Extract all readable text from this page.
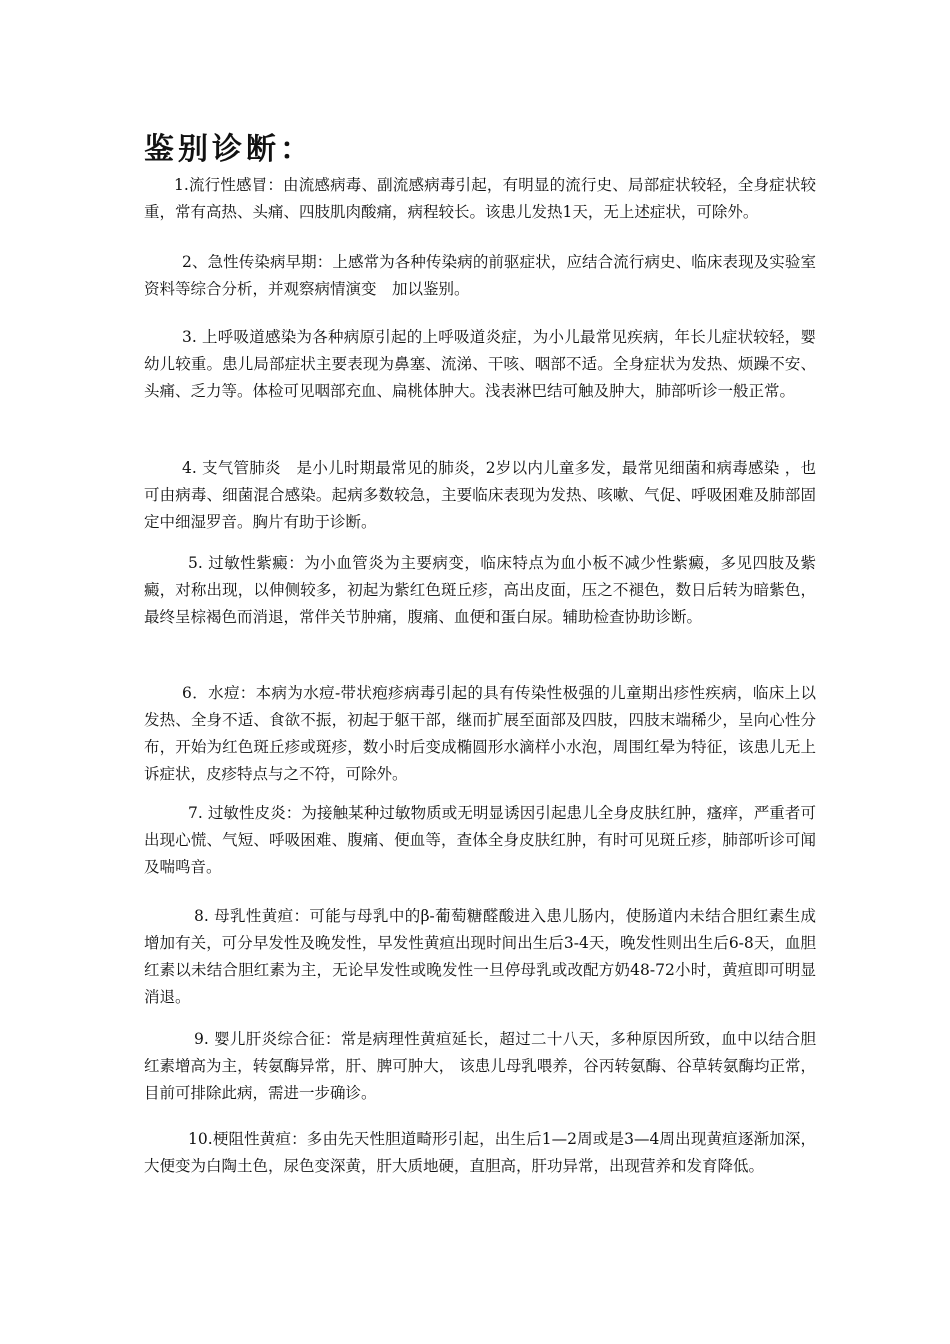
鉴别诊断：

1.流行性感冒：由流感病毒、副流感病毒引起，有明显的流行史、局部症状较轻，全身症状较重，常有高热、头痛、四肢肌肉酸痛，病程较长。该患儿发热1天，无上述症状，可除外。

2、急性传染病早期：上感常为各种传染病的前驱症状，应结合流行病史、临床表现及实验室资料等综合分析，并观察病情演变　加以鉴别。

3. 上呼吸道感染为各种病原引起的上呼吸道炎症，为小儿最常见疾病，年长儿症状较轻，婴幼儿较重。患儿局部症状主要表现为鼻塞、流涕、干咳、咽部不适。全身症状为发热、烦躁不安、头痛、乏力等。体检可见咽部充血、扁桃体肿大。浅表淋巴结可触及肿大，肺部听诊一般正常。

4. 支气管肺炎　是小儿时期最常见的肺炎，2岁以内儿童多发，最常见细菌和病毒感染 ，也可由病毒、细菌混合感染。起病多数较急，主要临床表现为发热、咳嗽、气促、呼吸困难及肺部固定中细湿罗音。胸片有助于诊断。

5. 过敏性紫癜：为小血管炎为主要病变，临床特点为血小板不减少性紫癜，多见四肢及紫癜，对称出现，以伸侧较多，初起为紫红色斑丘疹，高出皮面，压之不褪色，数日后转为暗紫色，最终呈棕褐色而消退，常伴关节肿痛，腹痛、血便和蛋白尿。辅助检查协助诊断。

6．水痘：本病为水痘-带状疱疹病毒引起的具有传染性极强的儿童期出疹性疾病，临床上以发热、全身不适、食欲不振，初起于躯干部，继而扩展至面部及四肢，四肢末端稀少，呈向心性分布，开始为红色斑丘疹或斑疹，数小时后变成椭圆形水滴样小水泡，周围红晕为特征，该患儿无上诉症状，皮疹特点与之不符，可除外。

7. 过敏性皮炎：为接触某种过敏物质或无明显诱因引起患儿全身皮肤红肿，瘙痒，严重者可出现心慌、气短、呼吸困难、腹痛、便血等，查体全身皮肤红肿，有时可见斑丘疹，肺部听诊可闻及喘鸣音。

8. 母乳性黄疸：可能与母乳中的β-葡萄糖醛酸进入患儿肠内，使肠道内未结合胆红素生成增加有关，可分早发性及晚发性，早发性黄疸出现时间出生后3-4天，晚发性则出生后6-8天，血胆红素以未结合胆红素为主，无论早发性或晚发性一旦停母乳或改配方奶48-72小时，黄疸即可明显消退。

9. 婴儿肝炎综合征：常是病理性黄疸延长，超过二十八天，多种原因所致，血中以结合胆红素增高为主，转氨酶异常，肝、脾可肿大， 该患儿母乳喂养，谷丙转氨酶、谷草转氨酶均正常，目前可排除此病，需进一步确诊。

10.梗阻性黄疸：多由先天性胆道畸形引起，出生后1—2周或是3—4周出现黄疸逐渐加深，大便变为白陶土色，尿色变深黄，肝大质地硬，直胆高，肝功异常，出现营养和发育降低。
